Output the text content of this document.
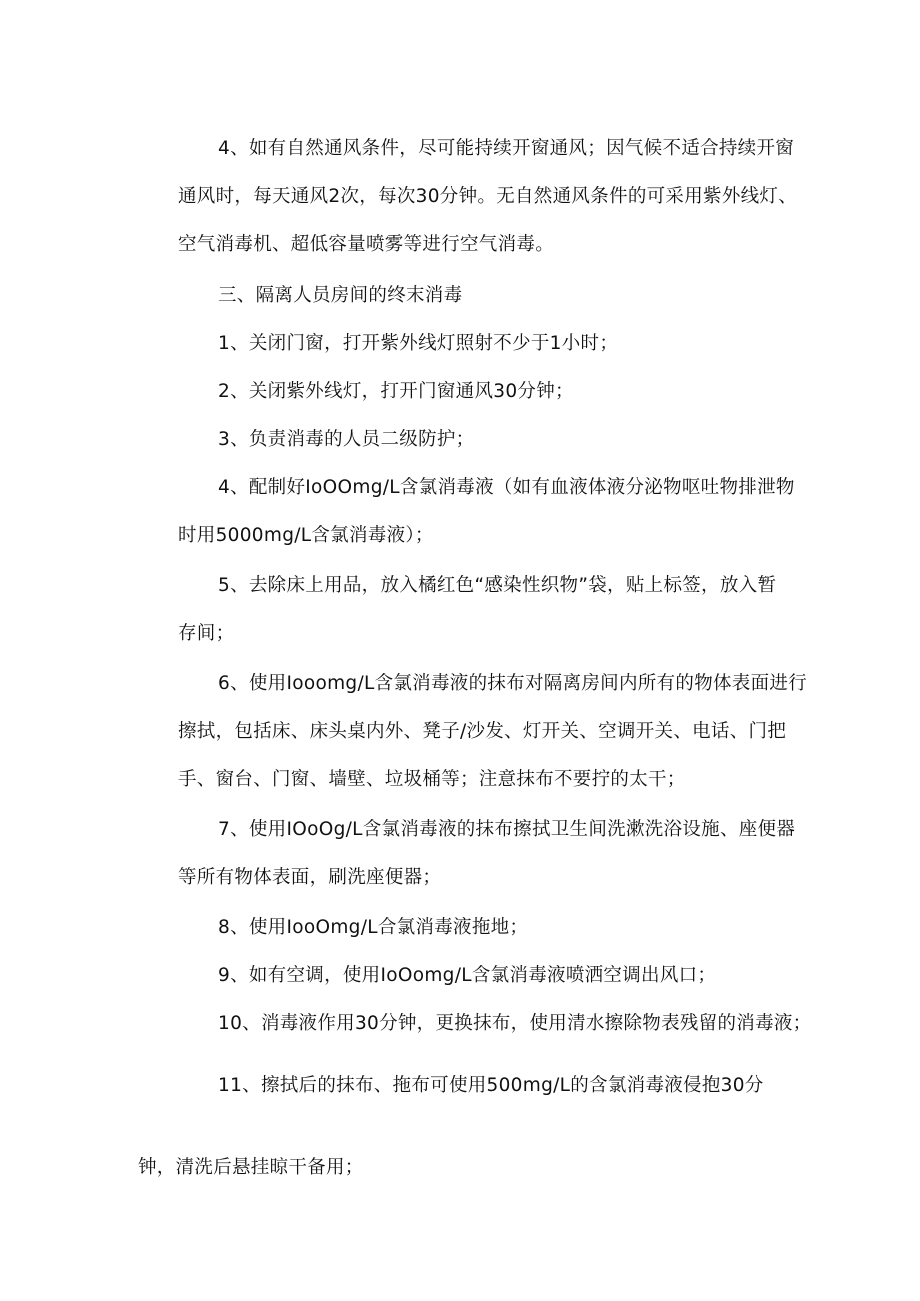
4、如有自然通风条件，尽可能持续开窗通风；因气候不适合持续开窗
通风时，每天通风2次，每次30分钟。无自然通风条件的可采用紫外线灯、
空气消毒机、超低容量喷雾等进行空气消毒。
三、隔离人员房间的终末消毒
1、关闭门窗，打开紫外线灯照射不少于1小时；
2、关闭紫外线灯，打开门窗通风30分钟；
3、负责消毒的人员二级防护；
4、配制好IoOOmg/L含氯消毒液（如有血液体液分泌物呕吐物排泄物
时用5000mg∕L含氯消毒液）；
5、去除床上用品，放入橘红色“感染性织物”袋，贴上标签，放入暂
存间；
6、使用Iooomg/L含氯消毒液的抹布对隔离房间内所有的物体表面进行
擦拭，包括床、床头桌内外、凳子/沙发、灯开关、空调开关、电话、门把
手、窗台、门窗、墙壁、垃圾桶等；注意抹布不要拧的太干；
7、使用IOoOg/L含氯消毒液的抹布擦拭卫生间洗漱洗浴设施、座便器
等所有物体表面，刷洗座便器；
8、使用IooOmg/L合氯消毒液拖地；
9、如有空调，使用IoOomg/L含氯消毒液喷洒空调出风口；
10、消毒液作用30分钟，更换抹布，使用清水擦除物表残留的消毒液；
11、擦拭后的抹布、拖布可使用500mg∕L的含氯消毒液侵抱30分
钟，清洗后悬挂晾干备用；
